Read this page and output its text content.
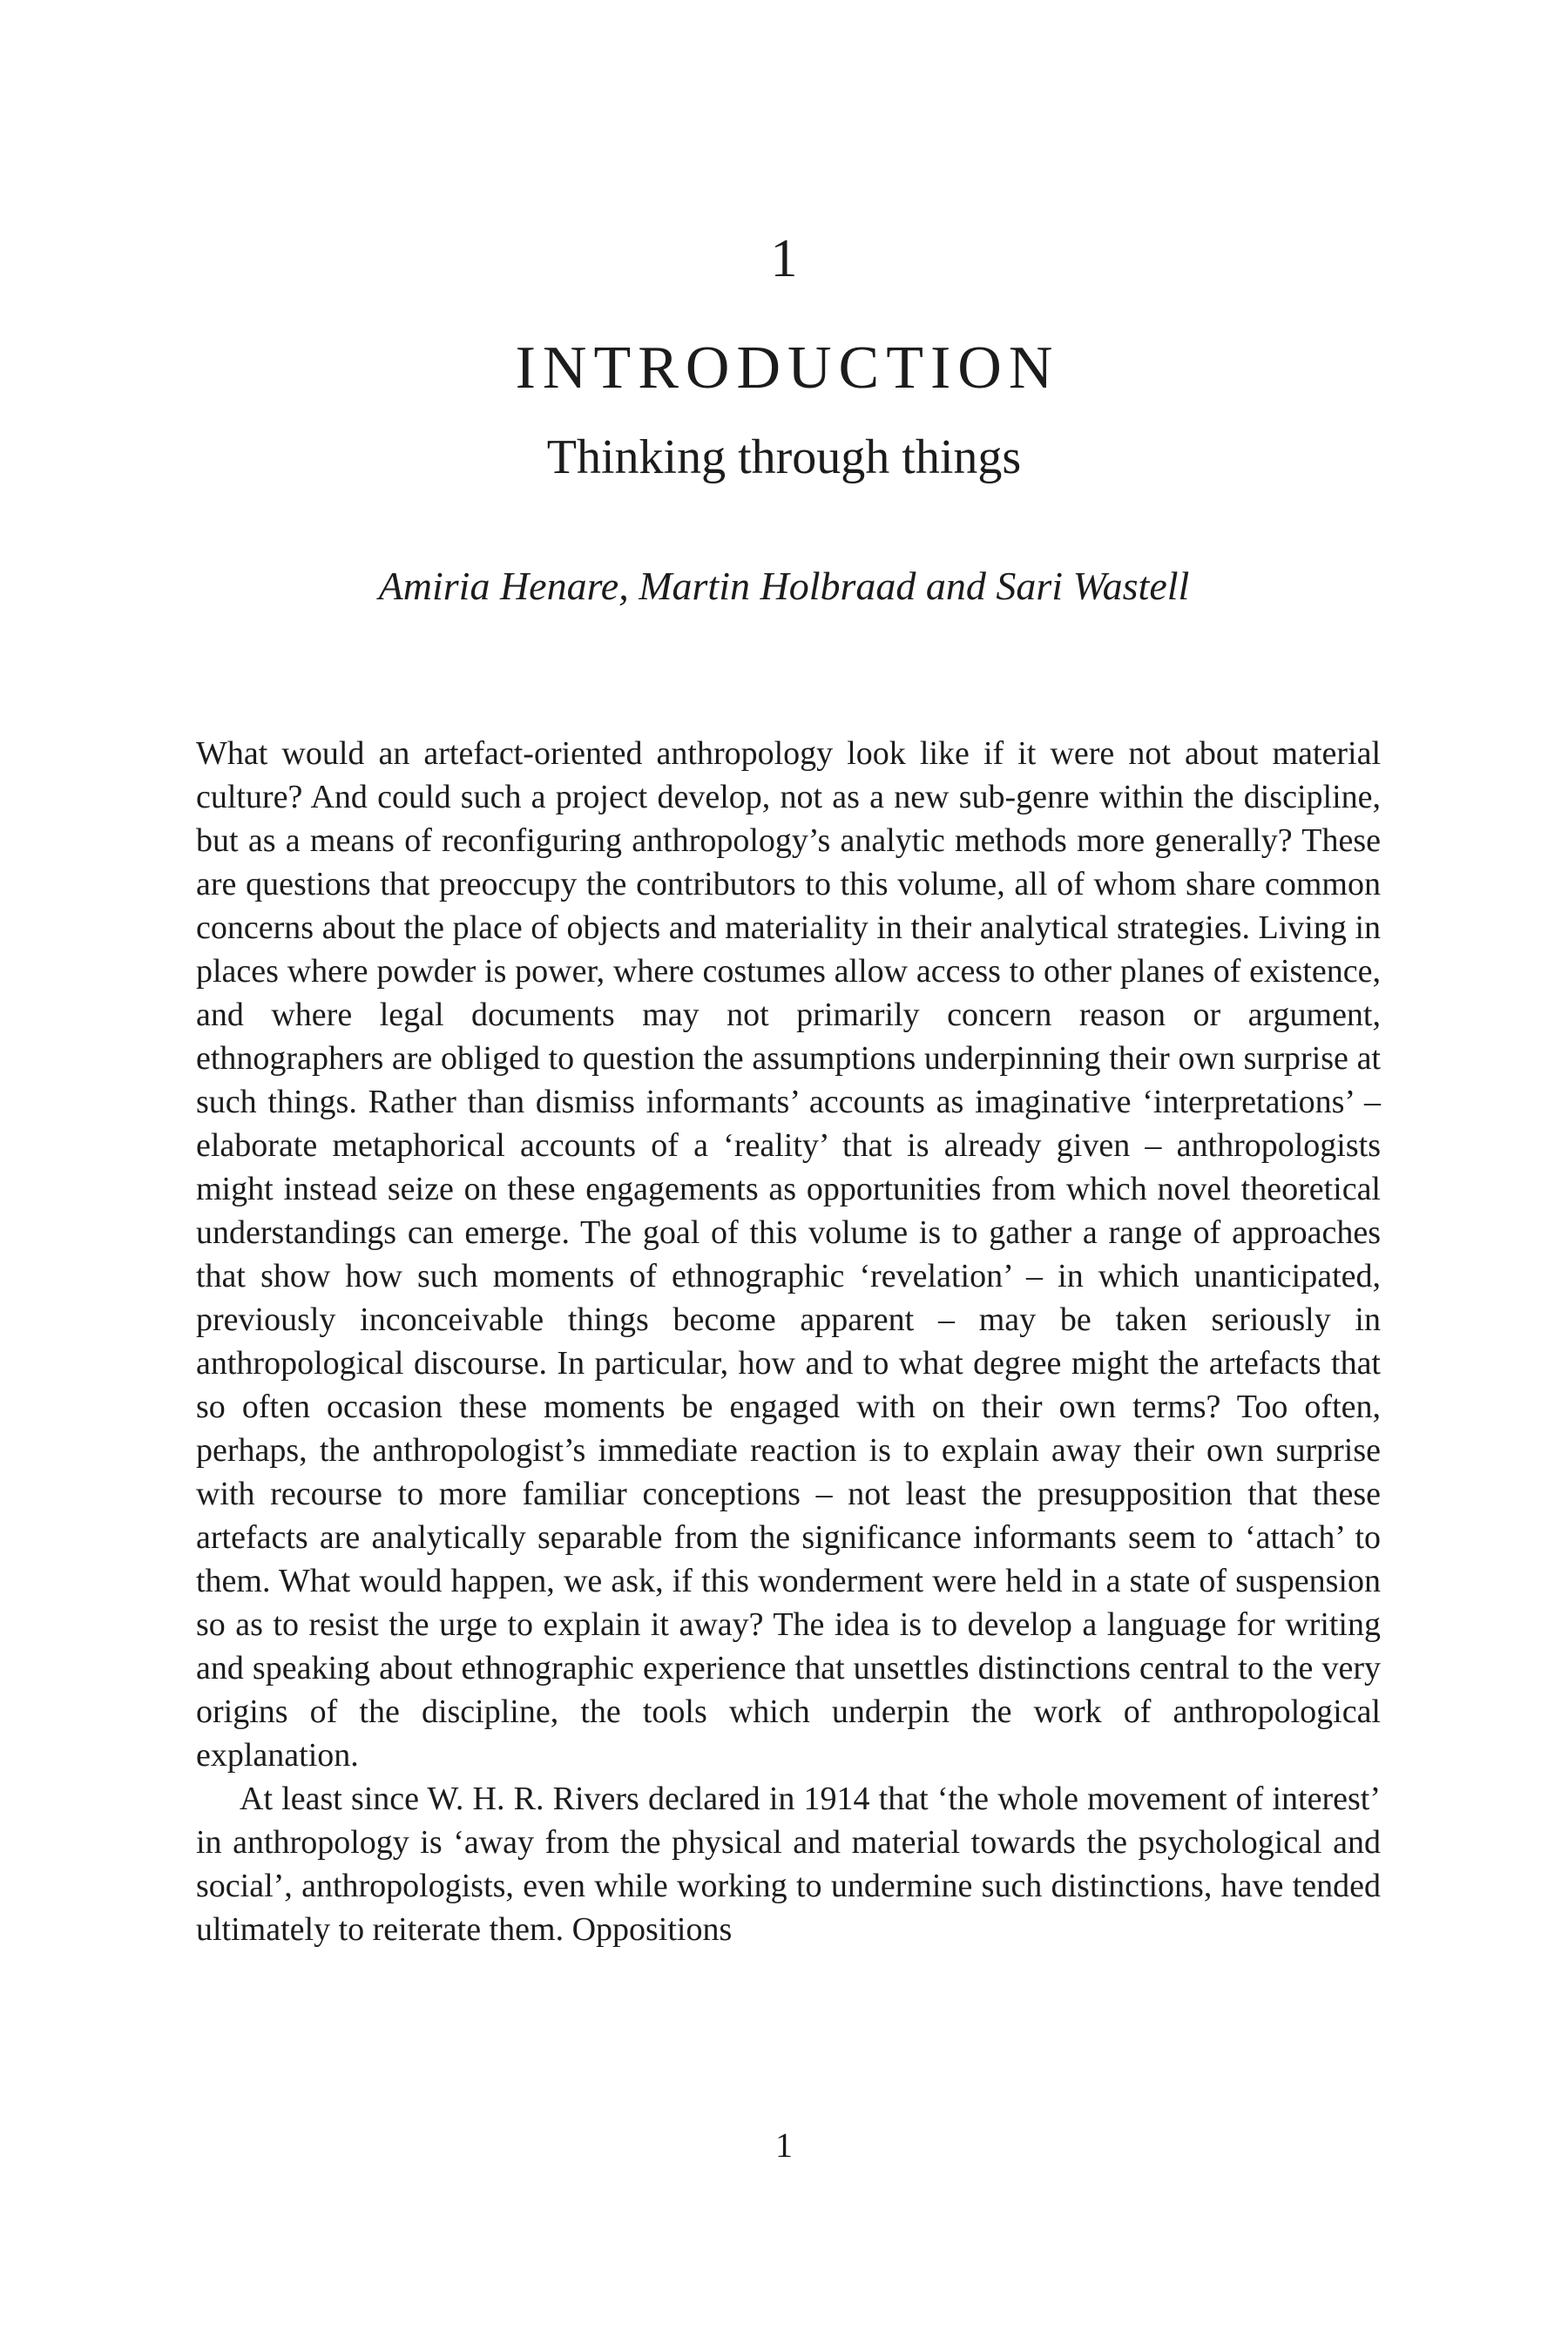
1
INTRODUCTION
Thinking through things
Amiria Henare, Martin Holbraad and Sari Wastell

What would an artefact-oriented anthropology look like if it were not about material culture? And could such a project develop, not as a new sub-genre within the discipline, but as a means of reconfiguring anthropology’s analytic methods more generally? These are questions that preoccupy the contributors to this volume, all of whom share common concerns about the place of objects and materiality in their analytical strategies. Living in places where powder is power, where costumes allow access to other planes of existence, and where legal documents may not primarily concern reason or argument, ethnographers are obliged to question the assumptions underpinning their own surprise at such things. Rather than dismiss informants’ accounts as imaginative ‘interpretations’ – elaborate metaphorical accounts of a ‘reality’ that is already given – anthropologists might instead seize on these engagements as opportunities from which novel theoretical understandings can emerge. The goal of this volume is to gather a range of approaches that show how such moments of ethnographic ‘revelation’ – in which unanticipated, previously inconceivable things become apparent – may be taken seriously in anthropological discourse. In particular, how and to what degree might the artefacts that so often occasion these moments be engaged with on their own terms? Too often, perhaps, the anthropologist’s immediate reaction is to explain away their own surprise with recourse to more familiar conceptions – not least the presupposition that these artefacts are analytically separable from the significance informants seem to ‘attach’ to them. What would happen, we ask, if this wonderment were held in a state of suspension so as to resist the urge to explain it away? The idea is to develop a language for writing and speaking about ethnographic experience that unsettles distinctions central to the very origins of the discipline, the tools which underpin the work of anthropological explanation.

At least since W. H. R. Rivers declared in 1914 that ‘the whole movement of interest’ in anthropology is ‘away from the physical and material towards the psychological and social’, anthropologists, even while working to undermine such distinctions, have tended ultimately to reiterate them. Oppositions

1
